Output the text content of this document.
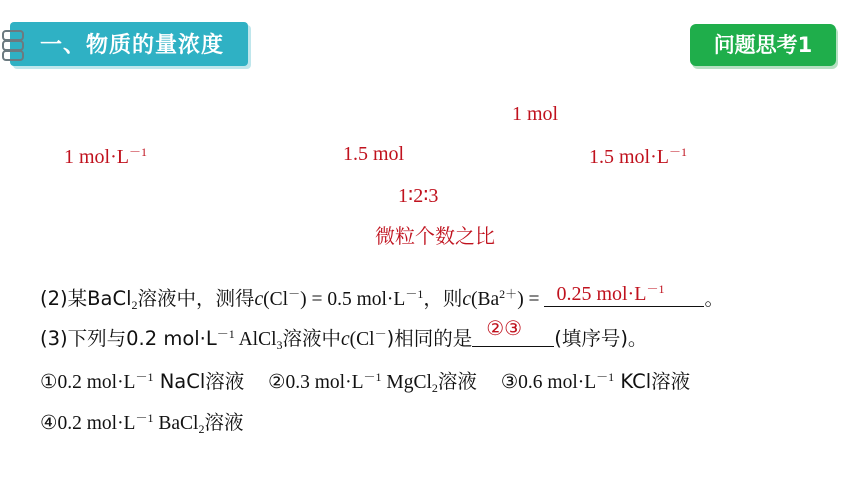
一、物质的量浓度	问题思考1
1 mol
1 $mol\cdot L^{-1}$	1.5 mol	1.5 $mol\cdot L^{-1}$
1∶2∶3
微粒个数之比
(2)某BaCl$_2$溶液中，测得c(Cl－) = 0.5 $mol\cdot L^{-1}$，则$c(Ba^{2+}) = 0.25$ $mol\cdot L^{-1}$ 。
(3)下列与0.2 $mol\cdot L^{-1}$ AlCl$_3$溶液中c(Cl－)相同的是 ②③ (填序号)。
①0.2 $mol\cdot L^{-1}$ NaCl溶液 ②0.3 $mol\cdot L^{-1}$ MgCl$_2$溶液 ③0.6 $mol\cdot L^{-1}$ KCl溶液
④0.2 $mol\cdot L^{-1}$ BaCl$_2$溶液
